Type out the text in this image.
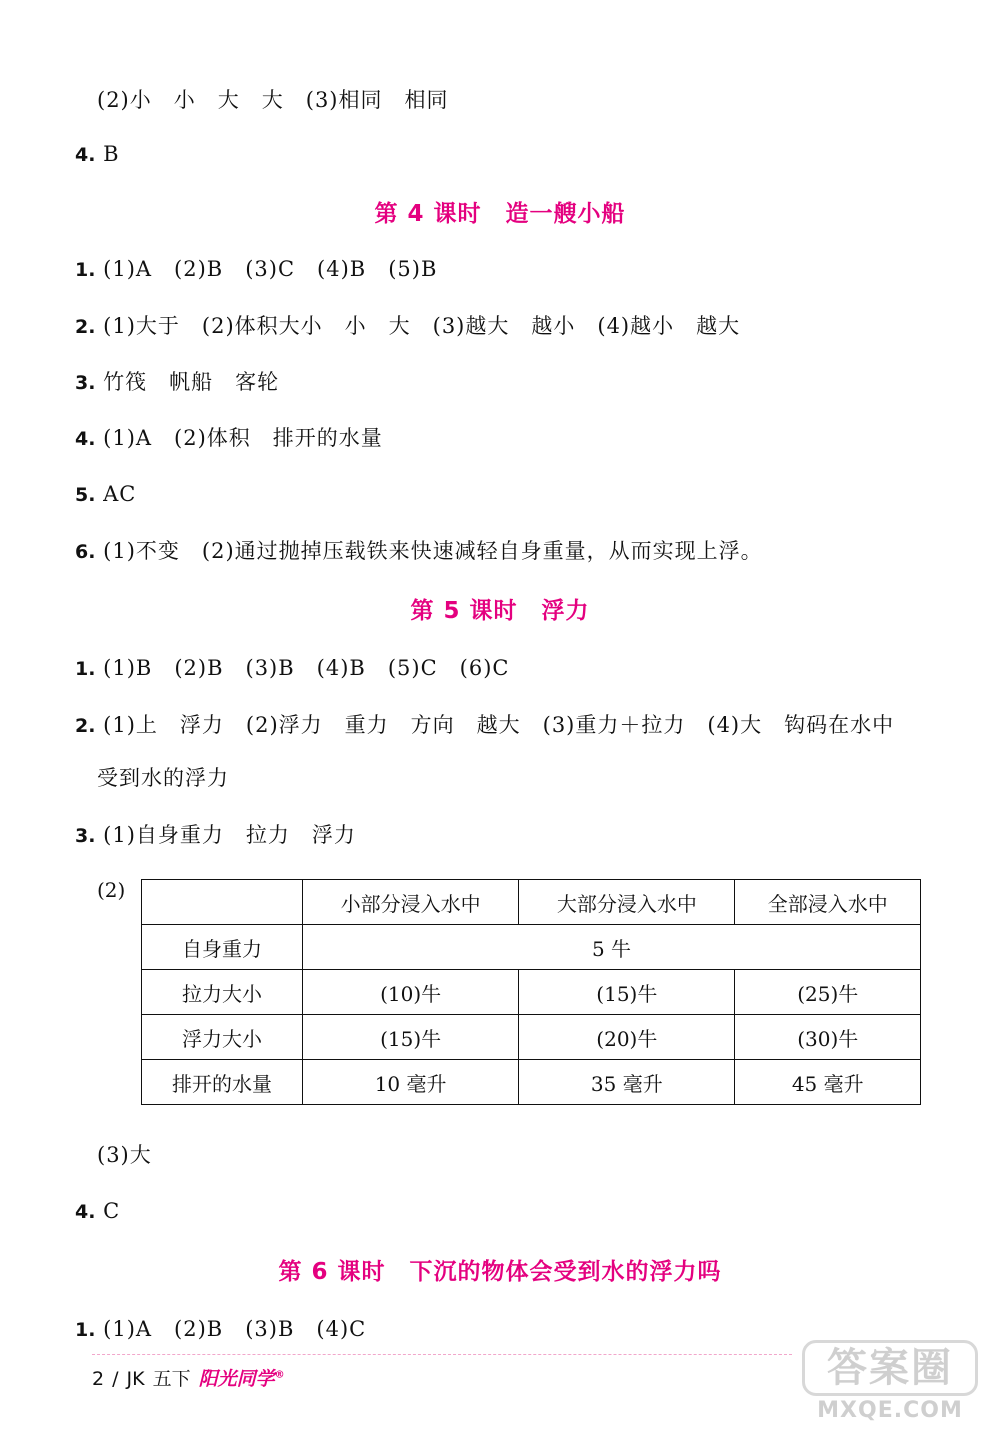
(2)小　小　大　大　(3)相同　相同
4. B
第 4 课时　造一艘小船
1. (1)A　(2)B　(3)C　(4)B　(5)B
2. (1)大于　(2)体积大小　小　大　(3)越大　越小　(4)越小　越大
3. 竹筏　帆船　客轮
4. (1)A　(2)体积　排开的水量
5. AC
6. (1)不变　(2)通过抛掉压载铁来快速减轻自身重量，从而实现上浮。
第 5 课时　浮力
1. (1)B　(2)B　(3)B　(4)B　(5)C　(6)C
2. (1)上　浮力　(2)浮力　重力　方向　越大　(3)重力＋拉力　(4)大　钩码在水中
受到水的浮力
3. (1)自身重力　拉力　浮力
(2)
	小部分浸入水中	大部分浸入水中	全部浸入水中
自身重力	5 牛		
拉力大小	(10)牛	(15)牛	(25)牛
浮力大小	(15)牛	(20)牛	(30)牛
排开的水量	10 毫升	35 毫升	45 毫升
(3)大
4. C
第 6 课时　下沉的物体会受到水的浮力吗
1. (1)A　(2)B　(3)B　(4)C
2 / JK 五下 阳光同学®	答案圈
MXQE.COM
